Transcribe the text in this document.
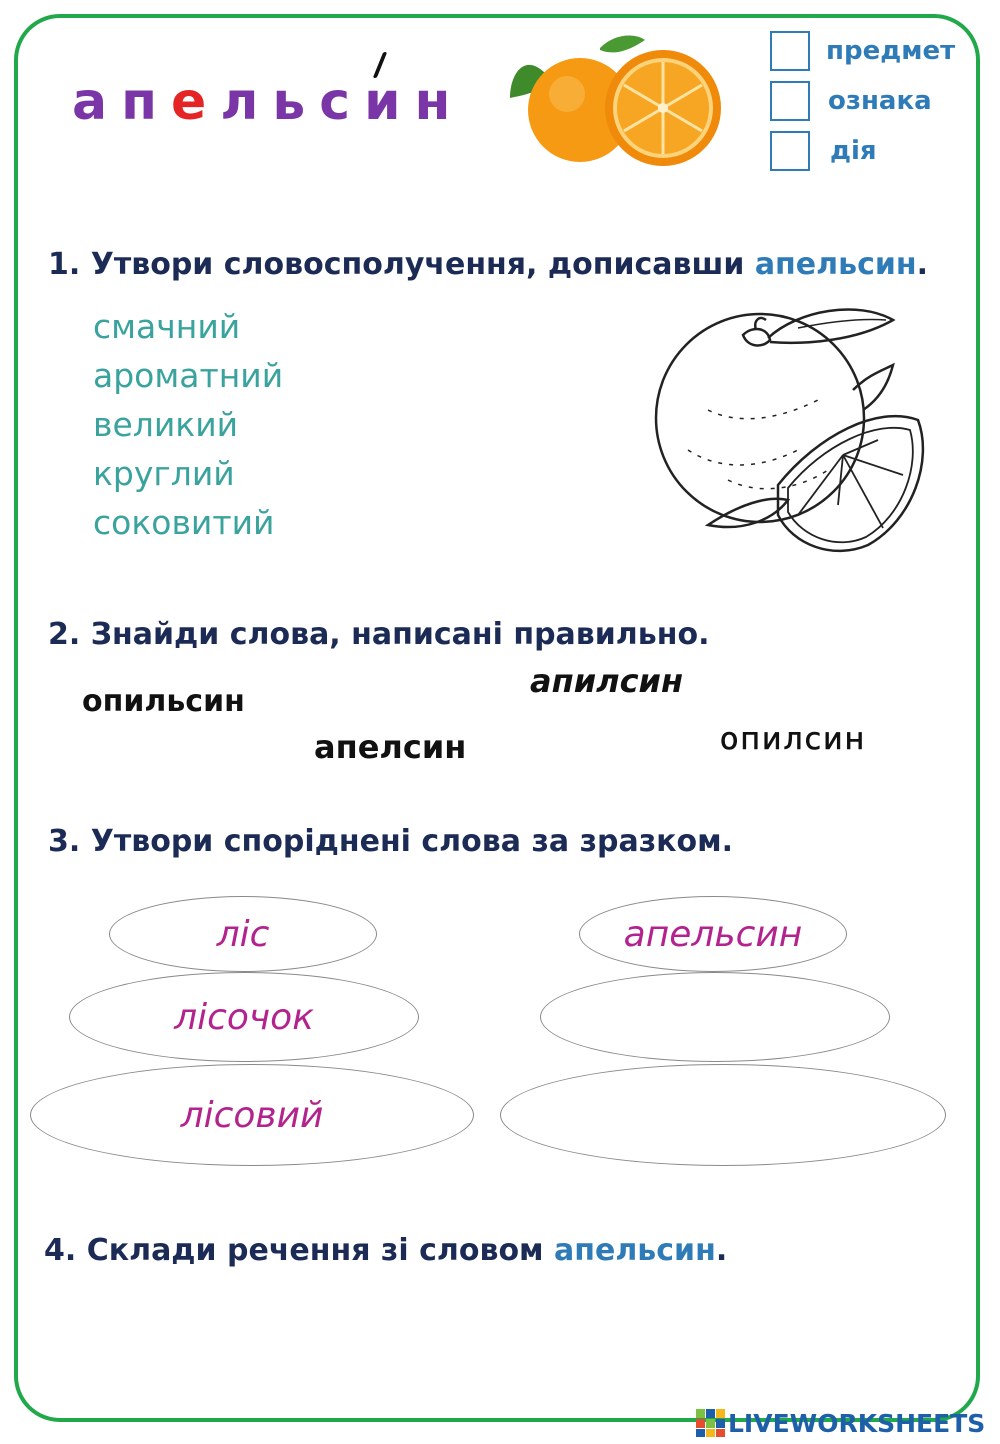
апельсин
предмет
ознака
дія
1. Утвори словосполучення, дописавши апельсин.
смачний
ароматний
великий
круглий
соковитий
2. Знайди слова, написані правильно.
апилсин
опильсин
апелсин	опилсин
3. Утвори споріднені слова за зразком.
ліс
лісочок
лісовий
апельсин
4. Склади речення зі словом апельсин.
LIVEWORKSHEETS
